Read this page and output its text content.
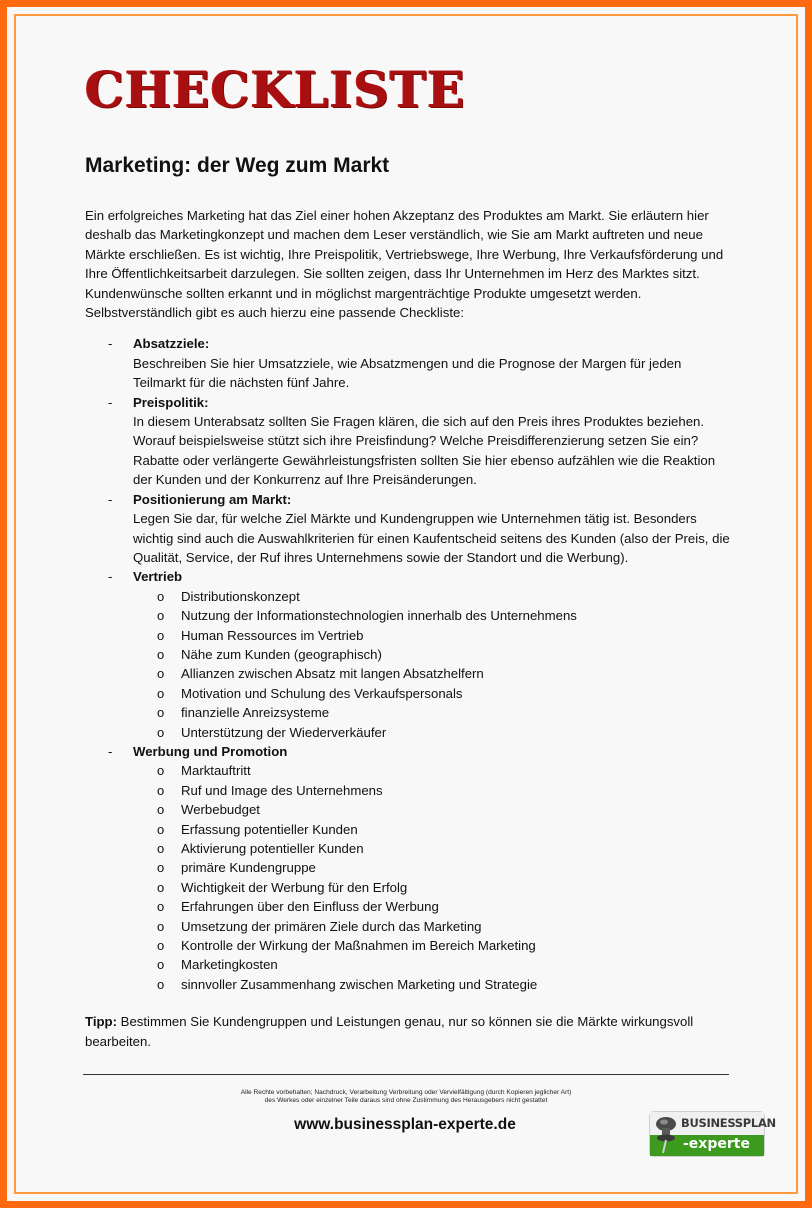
CHECKLISTE
Marketing: der Weg zum Markt

Ein erfolgreiches Marketing hat das Ziel einer hohen Akzeptanz des Produktes am Markt. Sie erläutern hier deshalb das Marketingkonzept und machen dem Leser verständlich, wie Sie am Markt auftreten und neue Märkte erschließen. Es ist wichtig, Ihre Preispolitik, Vertriebswege, Ihre Werbung, Ihre Verkaufsförderung und Ihre Öffentlichkeitsarbeit darzulegen. Sie sollten zeigen, dass Ihr Unternehmen im Herz des Marktes sitzt. Kundenwünsche sollten erkannt und in möglichst margenträchtige Produkte umgesetzt werden. Selbstverständlich gibt es auch hierzu eine passende Checkliste:

- Absatzziele:
Beschreiben Sie hier Umsatzziele, wie Absatzmengen und die Prognose der Margen für jeden Teilmarkt für die nächsten fünf Jahre.
- Preispolitik:
In diesem Unterabsatz sollten Sie Fragen klären, die sich auf den Preis ihres Produktes beziehen. Worauf beispielsweise stützt sich ihre Preisfindung? Welche Preisdifferenzierung setzen Sie ein? Rabatte oder verlängerte Gewährleistungsfristen sollten Sie hier ebenso aufzählen wie die Reaktion der Kunden und der Konkurrenz auf Ihre Preisänderungen.
- Positionierung am Markt:
Legen Sie dar, für welche Ziel Märkte und Kundengruppen wie Unternehmen tätig ist. Besonders wichtig sind auch die Auswahlkriterien für einen Kaufentscheid seitens des Kunden (also der Preis, die Qualität, Service, der Ruf ihres Unternehmens sowie der Standort und die Werbung).
- Vertrieb
o Distributionskonzept
o Nutzung der Informationstechnologien innerhalb des Unternehmens
o Human Ressources im Vertrieb
o Nähe zum Kunden (geographisch)
o Allianzen zwischen Absatz mit langen Absatzhelfern
o Motivation und Schulung des Verkaufspersonals
o finanzielle Anreizsysteme
o Unterstützung der Wiederverkäufer
- Werbung und Promotion
o Marktauftritt
o Ruf und Image des Unternehmens
o Werbebudget
o Erfassung potentieller Kunden
o Aktivierung potentieller Kunden
o primäre Kundengruppe
o Wichtigkeit der Werbung für den Erfolg
o Erfahrungen über den Einfluss der Werbung
o Umsetzung der primären Ziele durch das Marketing
o Kontrolle der Wirkung der Maßnahmen im Bereich Marketing
o Marketingkosten
o sinnvoller Zusammenhang zwischen Marketing und Strategie

Tipp: Bestimmen Sie Kundengruppen und Leistungen genau, nur so können sie die Märkte wirkungsvoll bearbeiten.

Alle Rechte vorbehalten; Nachdruck, Verarbeitung Verbreitung oder Vervielfältigung (durch Kopieren jeglicher Art)
des Werkes oder einzelner Teile daraus sind ohne Zustimmung des Herausgebers nicht gestattet
www.businessplan-experte.de	BUSINESSPLAN
-experte
